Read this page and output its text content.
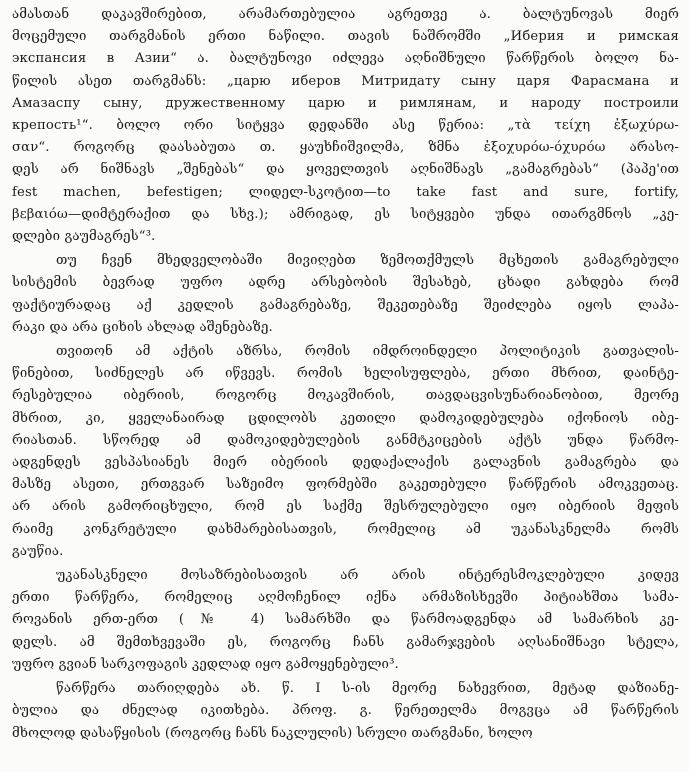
ამასთან დაკავშირებით, არამართებულია აგრეთვე ა. ბალტუნოვას მიერ
მოცემული თარგმანის ერთი ნაწილი. თავის ნაშრომში „Иберия и римская
экспансия в Азии“ ა. ბალტუნოვი იძლევა აღნიშნული წარწერის ბოლო ნა-
წილის ასეთ თარგმანს: „царю иберов Митридату сыну царя Фарасмана и
Амазаспу сыну, дружественному царю и римлянам, и народу построили
крепость¹“. ბოლო ორი სიტყვა დედანში ასე წერია: „τὰ τείχη ἐξωχύρω-
σαν“. როგორც დაასაბუთა თ. ყაუხჩიშვილმა, ზმნა ἐξοχυρόω-όχυρόω არასო-
დეს არ ნიშნავს „შენებას“ და ყოველთვის აღნიშნავს „გამაგრებას“ (პაპე'ით
fest machen, befestigen; ლიდელ-სკოტით—to take fast and sure, fortify,
βεβαιόω—დიმტერაქით და სხვ.); ამრიგად, ეს სიტყვები უნდა ითარგმნოს „კე-
დლები გაუმაგრეს“³.

თუ ჩვენ მხედველობაში მივიღებთ ზემოთქმულს მცხეთის გამაგრებული
სისტემის ბევრად უფრო ადრე არსებობის შესახებ, ცხადი გახდება რომ
ფაქტიურადაც აქ კედლის გამაგრებაზე, შეკეთებაზე შეიძლება იყოს ლაპა-
რაკი და არა ციხის ახლად აშენებაზე.

თვითონ ამ აქტის აზრსა, რომის იმდროინდელი პოლიტიკის გათვალის-
წინებით, სიძნელეს არ იწვევს. რომის ხელისუფლება, ერთი მხრით, დაინტე-
რესებულია იბერიის, როგორც მოკავშირის, თავდაცვისუნარიანობით, მეორე
მხრით, კი, ყველანაირად ცდილობს კეთილი დამოკიდებულება იქონიოს იბე-
რიასთან. სწორედ ამ დამოკიდებულების განმტკიცების აქტს უნდა წარმო-
ადგენდეს ვესპასიანეს მიერ იბერიის დედაქალაქის გალავნის გამაგრება და
მასზე ასეთი, ერთგვარ საზეიმო ფორმებში გაკეთებული წარწერის ამოკვეთაც.
არ არის გამორიცხული, რომ ეს საქმე შესრულებული იყო იბერიის მეფის
რაიმე კონკრეტული დახმარებისათვის, რომელიც ამ უკანასკნელმა რომს
გაუწია.

უკანასკნელი მოსაზრებისათვის არ არის ინტერესმოკლებული კიდევ
ერთი წარწერა, რომელიც აღმოჩენილ იქნა არმაზისხევში პიტიახშთა სამა-
როვანის ერთ-ერთ (№ 4) სამარხში და წარმოადგენდა ამ სამარხის კე-
დელს. ამ შემთხვევაში ეს, როგორც ჩანს გამარჯვების აღსანიშნავი სტელა,
უფრო გვიან სარკოფაგის კედლად იყო გამოყენებული³.

წარწერა თარიღდება ახ. წ. I ს-ის მეორე ნახევრით, მეტად დაზიანე-
ბულია და ძნელად იკითხება. პროფ. გ. წერეთელმა მოგვცა ამ წარწერის
მხოლოდ დასაწყისის (როგორც ჩანს ნაკლულის) სრული თარგმანი, ხოლო
